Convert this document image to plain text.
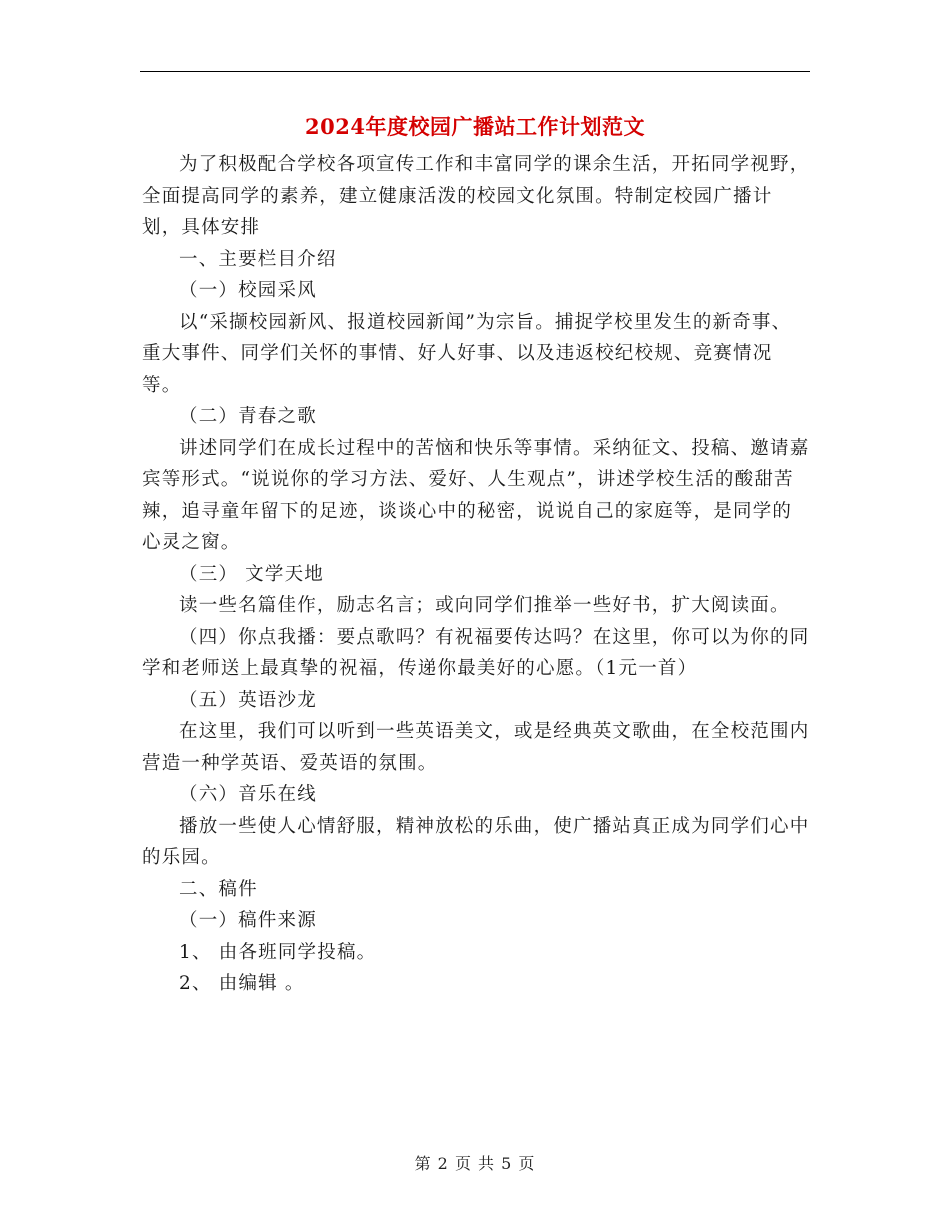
2024年度校园广播站工作计划范文

为了积极配合学校各项宣传工作和丰富同学的课余生活，开拓同学视野，全面提高同学的素养，建立健康活泼的校园文化氛围。特制定校园广播计划，具体安排

一、主要栏目介绍

（一）校园采风

以“采撷校园新风、报道校园新闻”为宗旨。捕捉学校里发生的新奇事、重大事件、同学们关怀的事情、好人好事、以及违返校纪校规、竞赛情况等。

（二）青春之歌

讲述同学们在成长过程中的苦恼和快乐等事情。采纳征文、投稿、邀请嘉宾等形式。“说说你的学习方法、爱好、人生观点”，讲述学校生活的酸甜苦辣，追寻童年留下的足迹，谈谈心中的秘密，说说自己的家庭等，是同学的心灵之窗。

（三） 文学天地

读一些名篇佳作，励志名言；或向同学们推举一些好书，扩大阅读面。

（四）你点我播：要点歌吗？有祝福要传达吗？在这里，你可以为你的同学和老师送上最真挚的祝福，传递你最美好的心愿。（1元一首）

（五）英语沙龙

在这里，我们可以听到一些英语美文，或是经典英文歌曲，在全校范围内营造一种学英语、爱英语的氛围。

（六）音乐在线

播放一些使人心情舒服，精神放松的乐曲，使广播站真正成为同学们心中的乐园。

二、稿件

（一）稿件来源

1、 由各班同学投稿。

2、 由编辑 。

第 2 页 共 5 页
